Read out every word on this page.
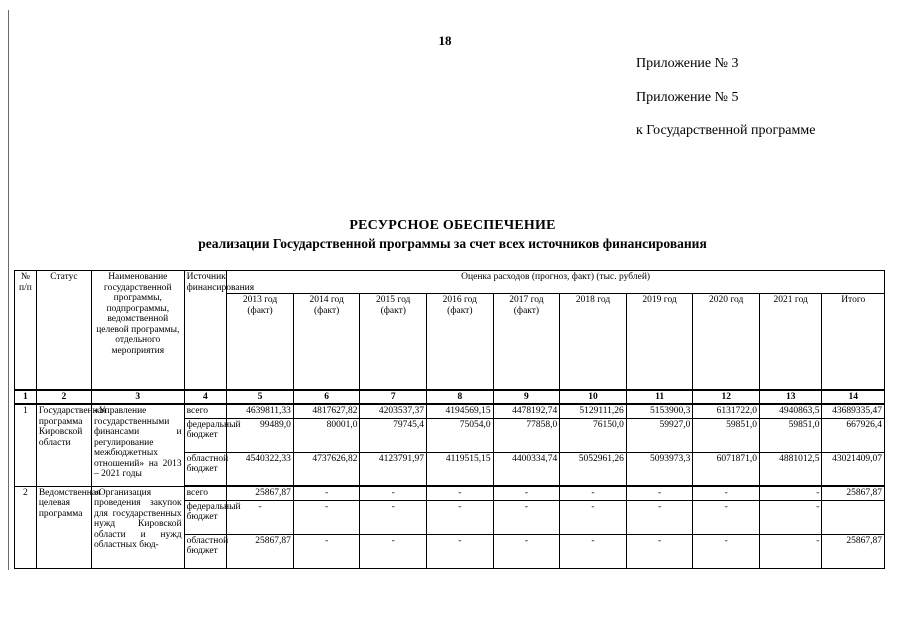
18
Приложение № 3
Приложение № 5
к Государственной программе
РЕСУРСНОЕ ОБЕСПЕЧЕНИЕ
реализации Государственной программы за счет всех источников финансирования
№ п/п	Статус	Наименование государственной программы, подпрограммы, ведомственной целевой программы, отдельного мероприятия	Источник финансирования	Оценка расходов (прогноз, факт) (тыс. рублей)									
				2013 год (факт)	2014 год (факт)	2015 год (факт)	2016 год (факт)	2017 год (факт)	2018 год	2019 год	2020 год	2021 год	Итого
1	2	3	4	5	6	7	8	9	10	11	12	13	14
1	Государственная программа Кировской области	«Управление государственными финансами и регулирование межбюджетных отношений» на 2013 – 2021 годы	всего	4639811,33	4817627,82	4203537,37	4194569,15	4478192,74	5129111,26	5153900,3	6131722,0	4940863,5	43689335,47
			федеральный бюджет	99489,0	80001,0	79745,4	75054,0	77858,0	76150,0	59927,0	59851,0	59851,0	667926,4
			областной бюджет	4540322,33	4737626,82	4123791,97	4119515,15	4400334,74	5052961,26	5093973,3	6071871,0	4881012,5	43021409,07
2	Ведомственная целевая программа	«Организация проведения закупок для государственных нужд Кировской области и нужд областных бюд-	всего	25867,87	-	-	-	-	-	-	-	-	25867,87
			федеральный бюджет	-	-	-	-	-	-	-	-	-	
			областной бюджет	25867,87	-	-	-	-	-	-	-	-	25867,87
